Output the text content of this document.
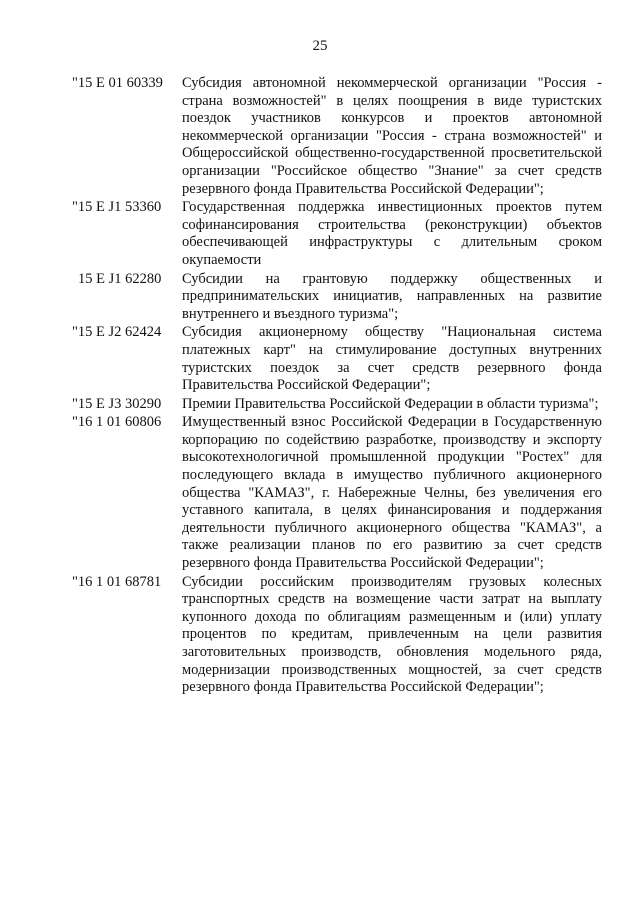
25
"15 E 01 60339	Субсидия автономной некоммерческой организации "Россия - страна возможностей" в целях поощрения в виде туристских поездок участников конкурсов и проектов автономной некоммерческой организации "Россия - страна возможностей" и Общероссийской общественно-государственной просветительской организации "Российское общество "Знание" за счет средств резервного фонда Правительства Российской Федерации";
"15 E J1 53360	Государственная поддержка инвестиционных проектов путем софинансирования строительства (реконструкции) объектов обеспечивающей инфраструктуры с длительным сроком окупаемости
15 E J1 62280	Субсидии на грантовую поддержку общественных и предпринимательских инициатив, направленных на развитие внутреннего и въездного туризма";
"15 E J2 62424	Субсидия акционерному обществу "Национальная система платежных карт" на стимулирование доступных внутренних туристских поездок за счет средств резервного фонда Правительства Российской Федерации";
"15 E J3 30290	Премии Правительства Российской Федерации в области туризма";
"16 1 01 60806	Имущественный взнос Российской Федерации в Государственную корпорацию по содействию разработке, производству и экспорту высокотехнологичной промышленной продукции "Ростех" для последующего вклада в имущество публичного акционерного общества "КАМАЗ", г. Набережные Челны, без увеличения его уставного капитала, в целях финансирования и поддержания деятельности публичного акционерного общества "КАМАЗ", а также реализации планов по его развитию за счет средств резервного фонда Правительства Российской Федерации";
"16 1 01 68781	Субсидии российским производителям грузовых колесных транспортных средств на возмещение части затрат на выплату купонного дохода по облигациям размещенным и (или) уплату процентов по кредитам, привлеченным на цели развития заготовительных производств, обновления модельного ряда, модернизации производственных мощностей, за счет средств резервного фонда Правительства Российской Федерации";
